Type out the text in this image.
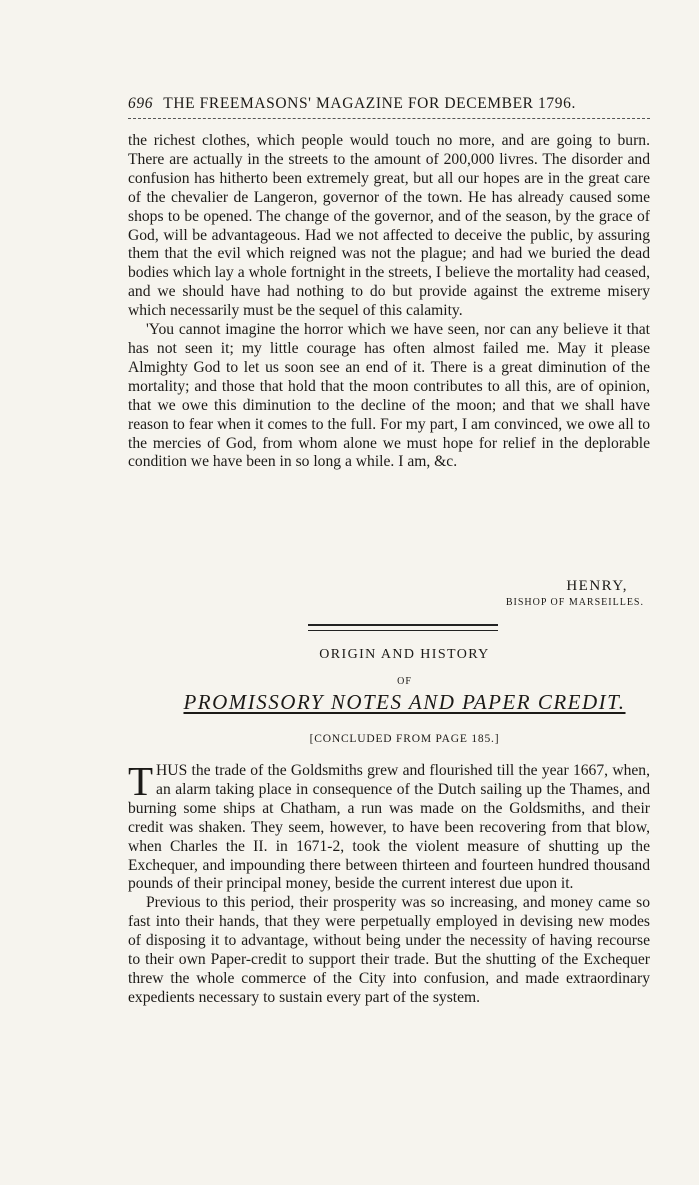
696 THE FREEMASONS' MAGAZINE FOR DECEMBER 1796.

the richest clothes, which people would touch no more, and are going to burn. There are actually in the streets to the amount of 200,000 livres. The disorder and confusion has hitherto been extremely great, but all our hopes are in the great care of the chevalier de Langeron, governor of the town. He has already caused some shops to be opened. The change of the governor, and of the season, by the grace of God, will be advantageous. Had we not affected to deceive the public, by assuring them that the evil which reigned was not the plague; and had we buried the dead bodies which lay a whole fortnight in the streets, I believe the mortality had ceased, and we should have had nothing to do but provide against the extreme misery which necessarily must be the sequel of this calamity.

'You cannot imagine the horror which we have seen, nor can any believe it that has not seen it; my little courage has often almost failed me. May it please Almighty God to let us soon see an end of it. There is a great diminution of the mortality; and those that hold that the moon contributes to all this, are of opinion, that we owe this diminution to the decline of the moon; and that we shall have reason to fear when it comes to the full. For my part, I am convinced, we owe all to the mercies of God, from whom alone we must hope for relief in the deplorable condition we have been in so long a while. I am, &c.

HENRY,
BISHOP OF MARSEILLES.
ORIGIN AND HISTORY
OF
PROMISSORY NOTES AND PAPER CREDIT.
[CONCLUDED FROM PAGE 185.]

THUS the trade of the Goldsmiths grew and flourished till the year 1667, when, an alarm taking place in consequence of the Dutch sailing up the Thames, and burning some ships at Chatham, a run was made on the Goldsmiths, and their credit was shaken. They seem, however, to have been recovering from that blow, when Charles the II. in 1671-2, took the violent measure of shutting up the Exchequer, and impounding there between thirteen and fourteen hundred thousand pounds of their principal money, beside the current interest due upon it.

Previous to this period, their prosperity was so increasing, and money came so fast into their hands, that they were perpetually employed in devising new modes of disposing it to advantage, without being under the necessity of having recourse to their own Paper-credit to support their trade. But the shutting of the Exchequer threw the whole commerce of the City into confusion, and made extraordinary expedients necessary to sustain every part of the system.
